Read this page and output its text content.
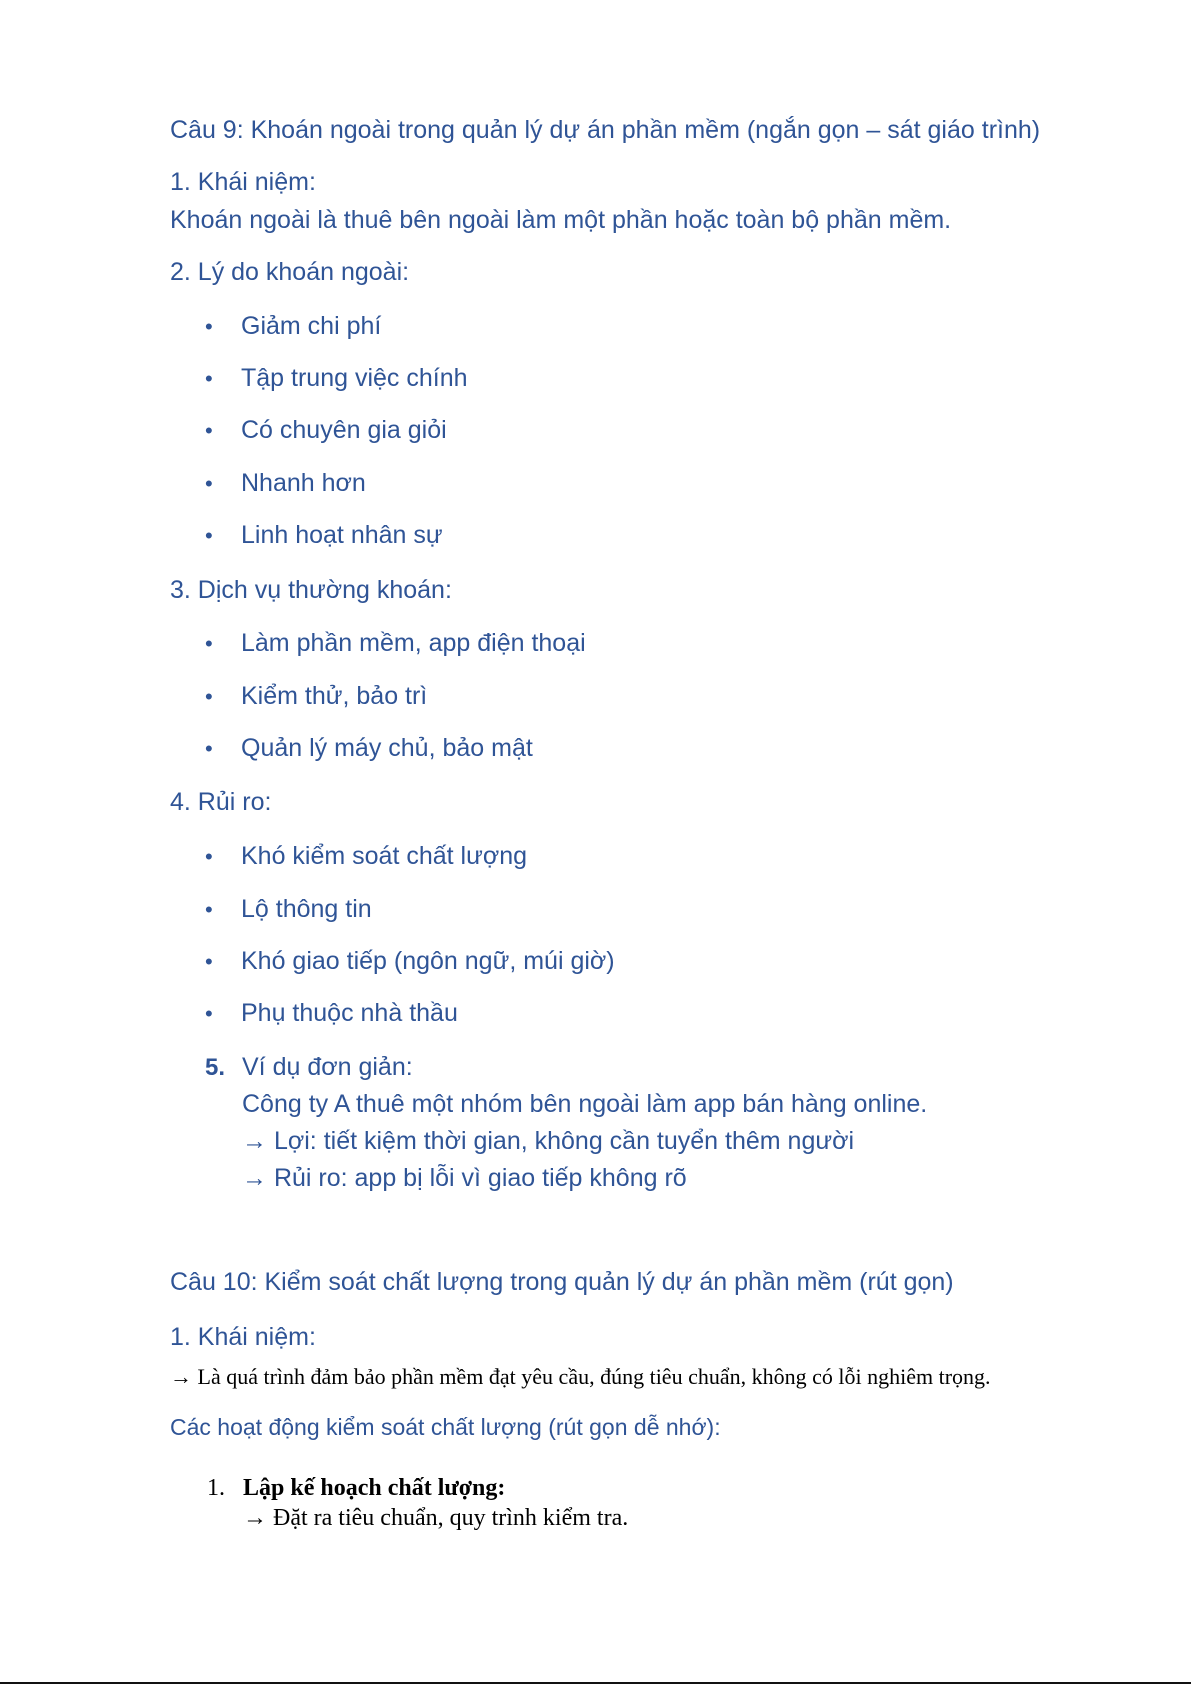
Câu 9: Khoán ngoài trong quản lý dự án phần mềm (ngắn gọn – sát giáo trình)
1. Khái niệm:
Khoán ngoài là thuê bên ngoài làm một phần hoặc toàn bộ phần mềm.
2. Lý do khoán ngoài:
• Giảm chi phí
• Tập trung việc chính
• Có chuyên gia giỏi
• Nhanh hơn
• Linh hoạt nhân sự
3. Dịch vụ thường khoán:
• Làm phần mềm, app điện thoại
• Kiểm thử, bảo trì
• Quản lý máy chủ, bảo mật
4. Rủi ro:
• Khó kiểm soát chất lượng
• Lộ thông tin
• Khó giao tiếp (ngôn ngữ, múi giờ)
• Phụ thuộc nhà thầu
5. Ví dụ đơn giản:
Công ty A thuê một nhóm bên ngoài làm app bán hàng online.
→ Lợi: tiết kiệm thời gian, không cần tuyển thêm người
→ Rủi ro: app bị lỗi vì giao tiếp không rõ
Câu 10: Kiểm soát chất lượng trong quản lý dự án phần mềm (rút gọn)
1. Khái niệm:
→ Là quá trình đảm bảo phần mềm đạt yêu cầu, đúng tiêu chuẩn, không có lỗi nghiêm trọng.
Các hoạt động kiểm soát chất lượng (rút gọn dễ nhớ):
1. Lập kế hoạch chất lượng:
→ Đặt ra tiêu chuẩn, quy trình kiểm tra.
